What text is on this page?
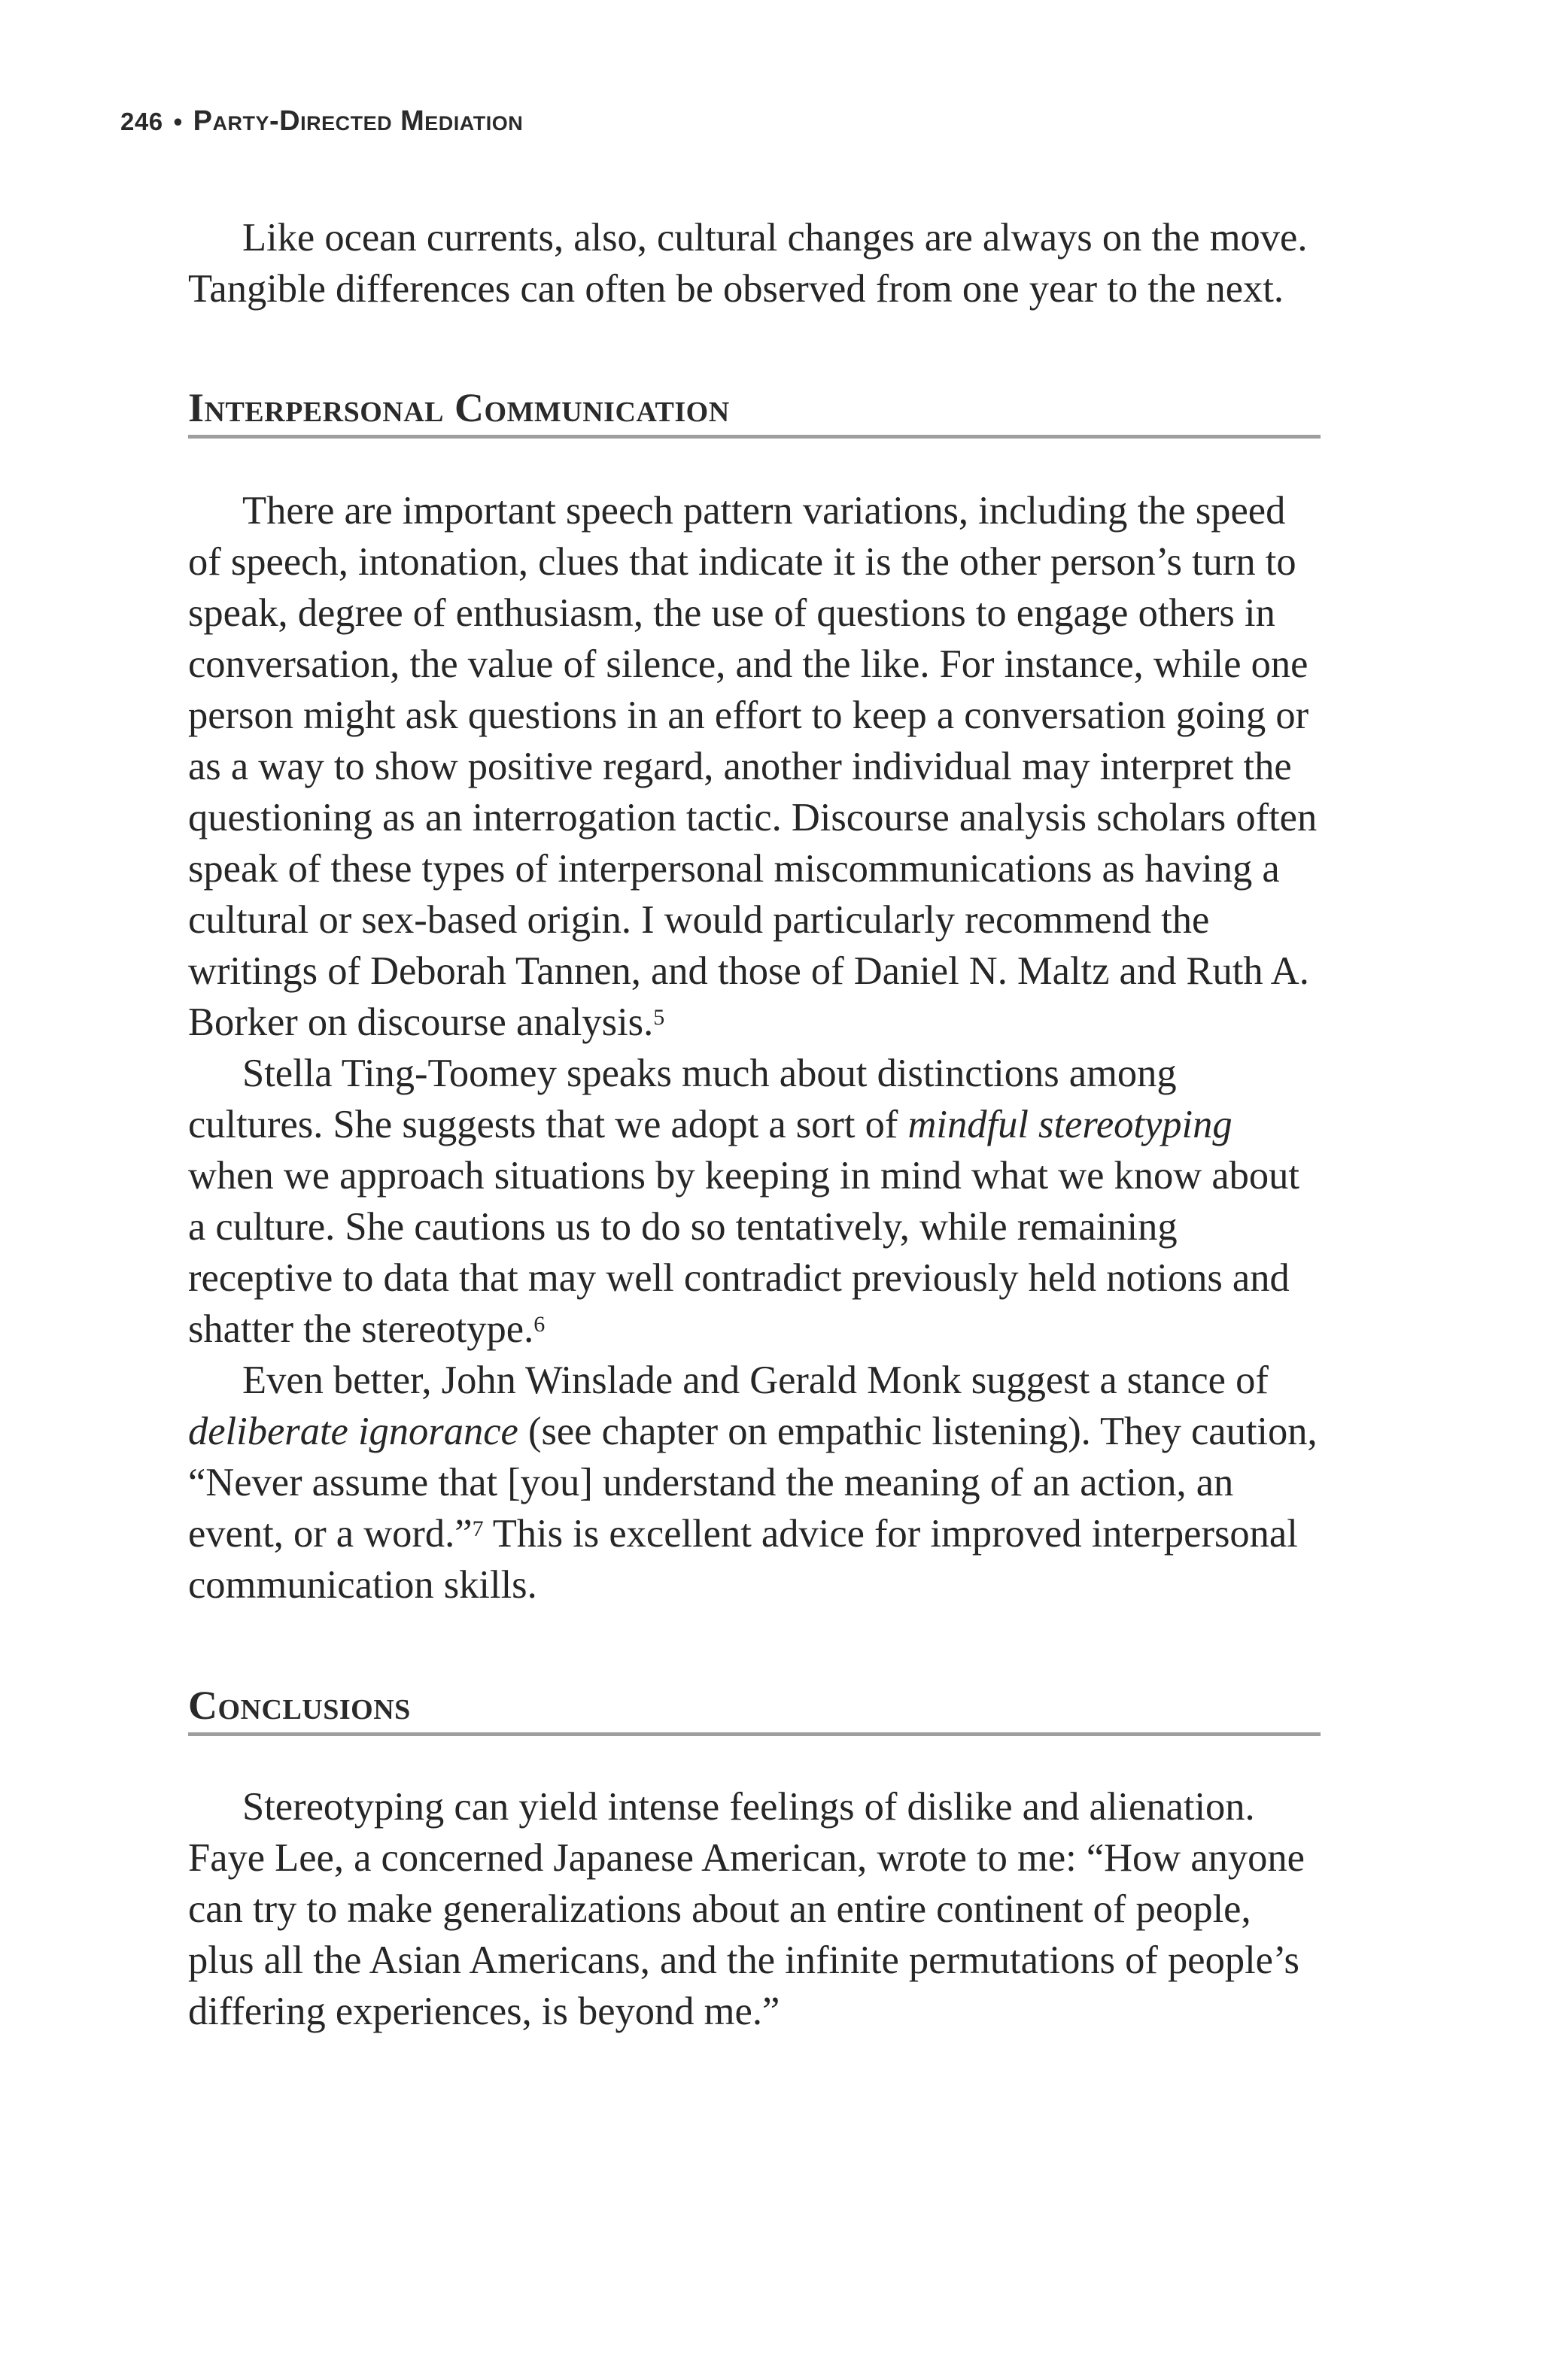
246 • Party-Directed Mediation

Like ocean currents, also, cultural changes are always on the move. Tangible differences can often be observed from one year to the next.

Interpersonal Communication

There are important speech pattern variations, including the speed of speech, intonation, clues that indicate it is the other person’s turn to speak, degree of enthusiasm, the use of questions to engage others in conversation, the value of silence, and the like. For instance, while one person might ask questions in an effort to keep a conversation going or as a way to show positive regard, another individual may interpret the questioning as an interrogation tactic. Discourse analysis scholars often speak of these types of interpersonal miscommunications as having a cultural or sex-based origin. I would particularly recommend the writings of Deborah Tannen, and those of Daniel N. Maltz and Ruth A. Borker on discourse analysis.$^5$

Stella Ting-Toomey speaks much about distinctions among cultures. She suggests that we adopt a sort of mindful stereotyping when we approach situations by keeping in mind what we know about a culture. She cautions us to do so tentatively, while remaining receptive to data that may well contradict previously held notions and shatter the stereotype.$^6$

Even better, John Winslade and Gerald Monk suggest a stance of deliberate ignorance (see chapter on empathic listening). They caution, “Never assume that [you] understand the meaning of an action, an event, or a word.”$^7$ This is excellent advice for improved interpersonal communication skills.

Conclusions

Stereotyping can yield intense feelings of dislike and alienation. Faye Lee, a concerned Japanese American, wrote to me: “How anyone can try to make generalizations about an entire continent of people, plus all the Asian Americans, and the infinite permutations of people’s differing experiences, is beyond me.”
